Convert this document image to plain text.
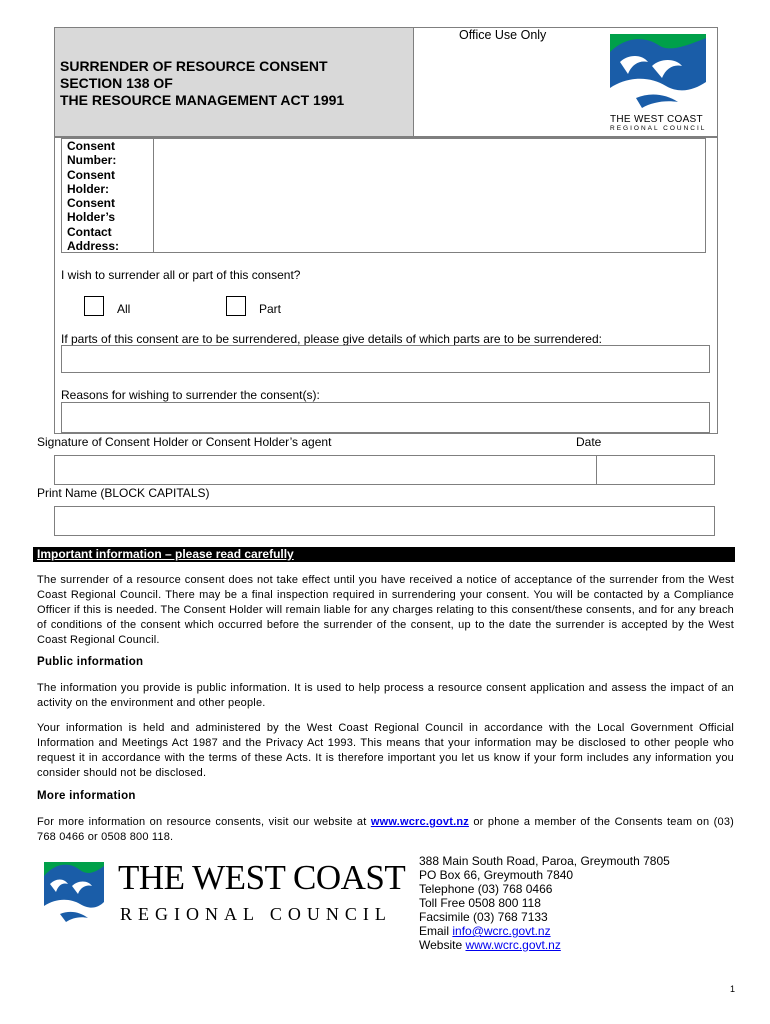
SURRENDER OF RESOURCE CONSENT
SECTION 138 OF
THE RESOURCE MANAGEMENT ACT 1991
Office Use Only
THE WEST COAST
REGIONAL COUNCIL
Consent Number:
Consent Holder:
Consent Holder’s Contact Address:
I wish to surrender all or part of this consent?
All	Part
If parts of this consent are to be surrendered, please give details of which parts are to be surrendered:
Reasons for wishing to surrender the consent(s):
Signature of Consent Holder or Consent Holder’s agent	Date
Print Name (BLOCK CAPITALS)
Important information – please read carefully
The surrender of a resource consent does not take effect until you have received a notice of acceptance of the surrender from the West Coast Regional Council. There may be a final inspection required in surrendering your consent. You will be contacted by a Compliance Officer if this is needed. The Consent Holder will remain liable for any charges relating to this consent/these consents, and for any breach of conditions of the consent which occurred before the surrender of the consent, up to the date the surrender is accepted by the West Coast Regional Council.
Public information
The information you provide is public information. It is used to help process a resource consent application and assess the impact of an activity on the environment and other people.
Your information is held and administered by the West Coast Regional Council in accordance with the Local Government Official Information and Meetings Act 1987 and the Privacy Act 1993. This means that your information may be disclosed to other people who request it in accordance with the terms of these Acts. It is therefore important you let us know if your form includes any information you consider should not be disclosed.
More information
For more information on resource consents, visit our website at www.wcrc.govt.nz or phone a member of the Consents team on (03) 768 0466 or 0508 800 118.
THE WEST COAST
REGIONAL COUNCIL
388 Main South Road, Paroa, Greymouth 7805
PO Box 66, Greymouth 7840
Telephone (03) 768 0466
Toll Free 0508 800 118
Facsimile (03) 768 7133
Email info@wcrc.govt.nz
Website www.wcrc.govt.nz
1
